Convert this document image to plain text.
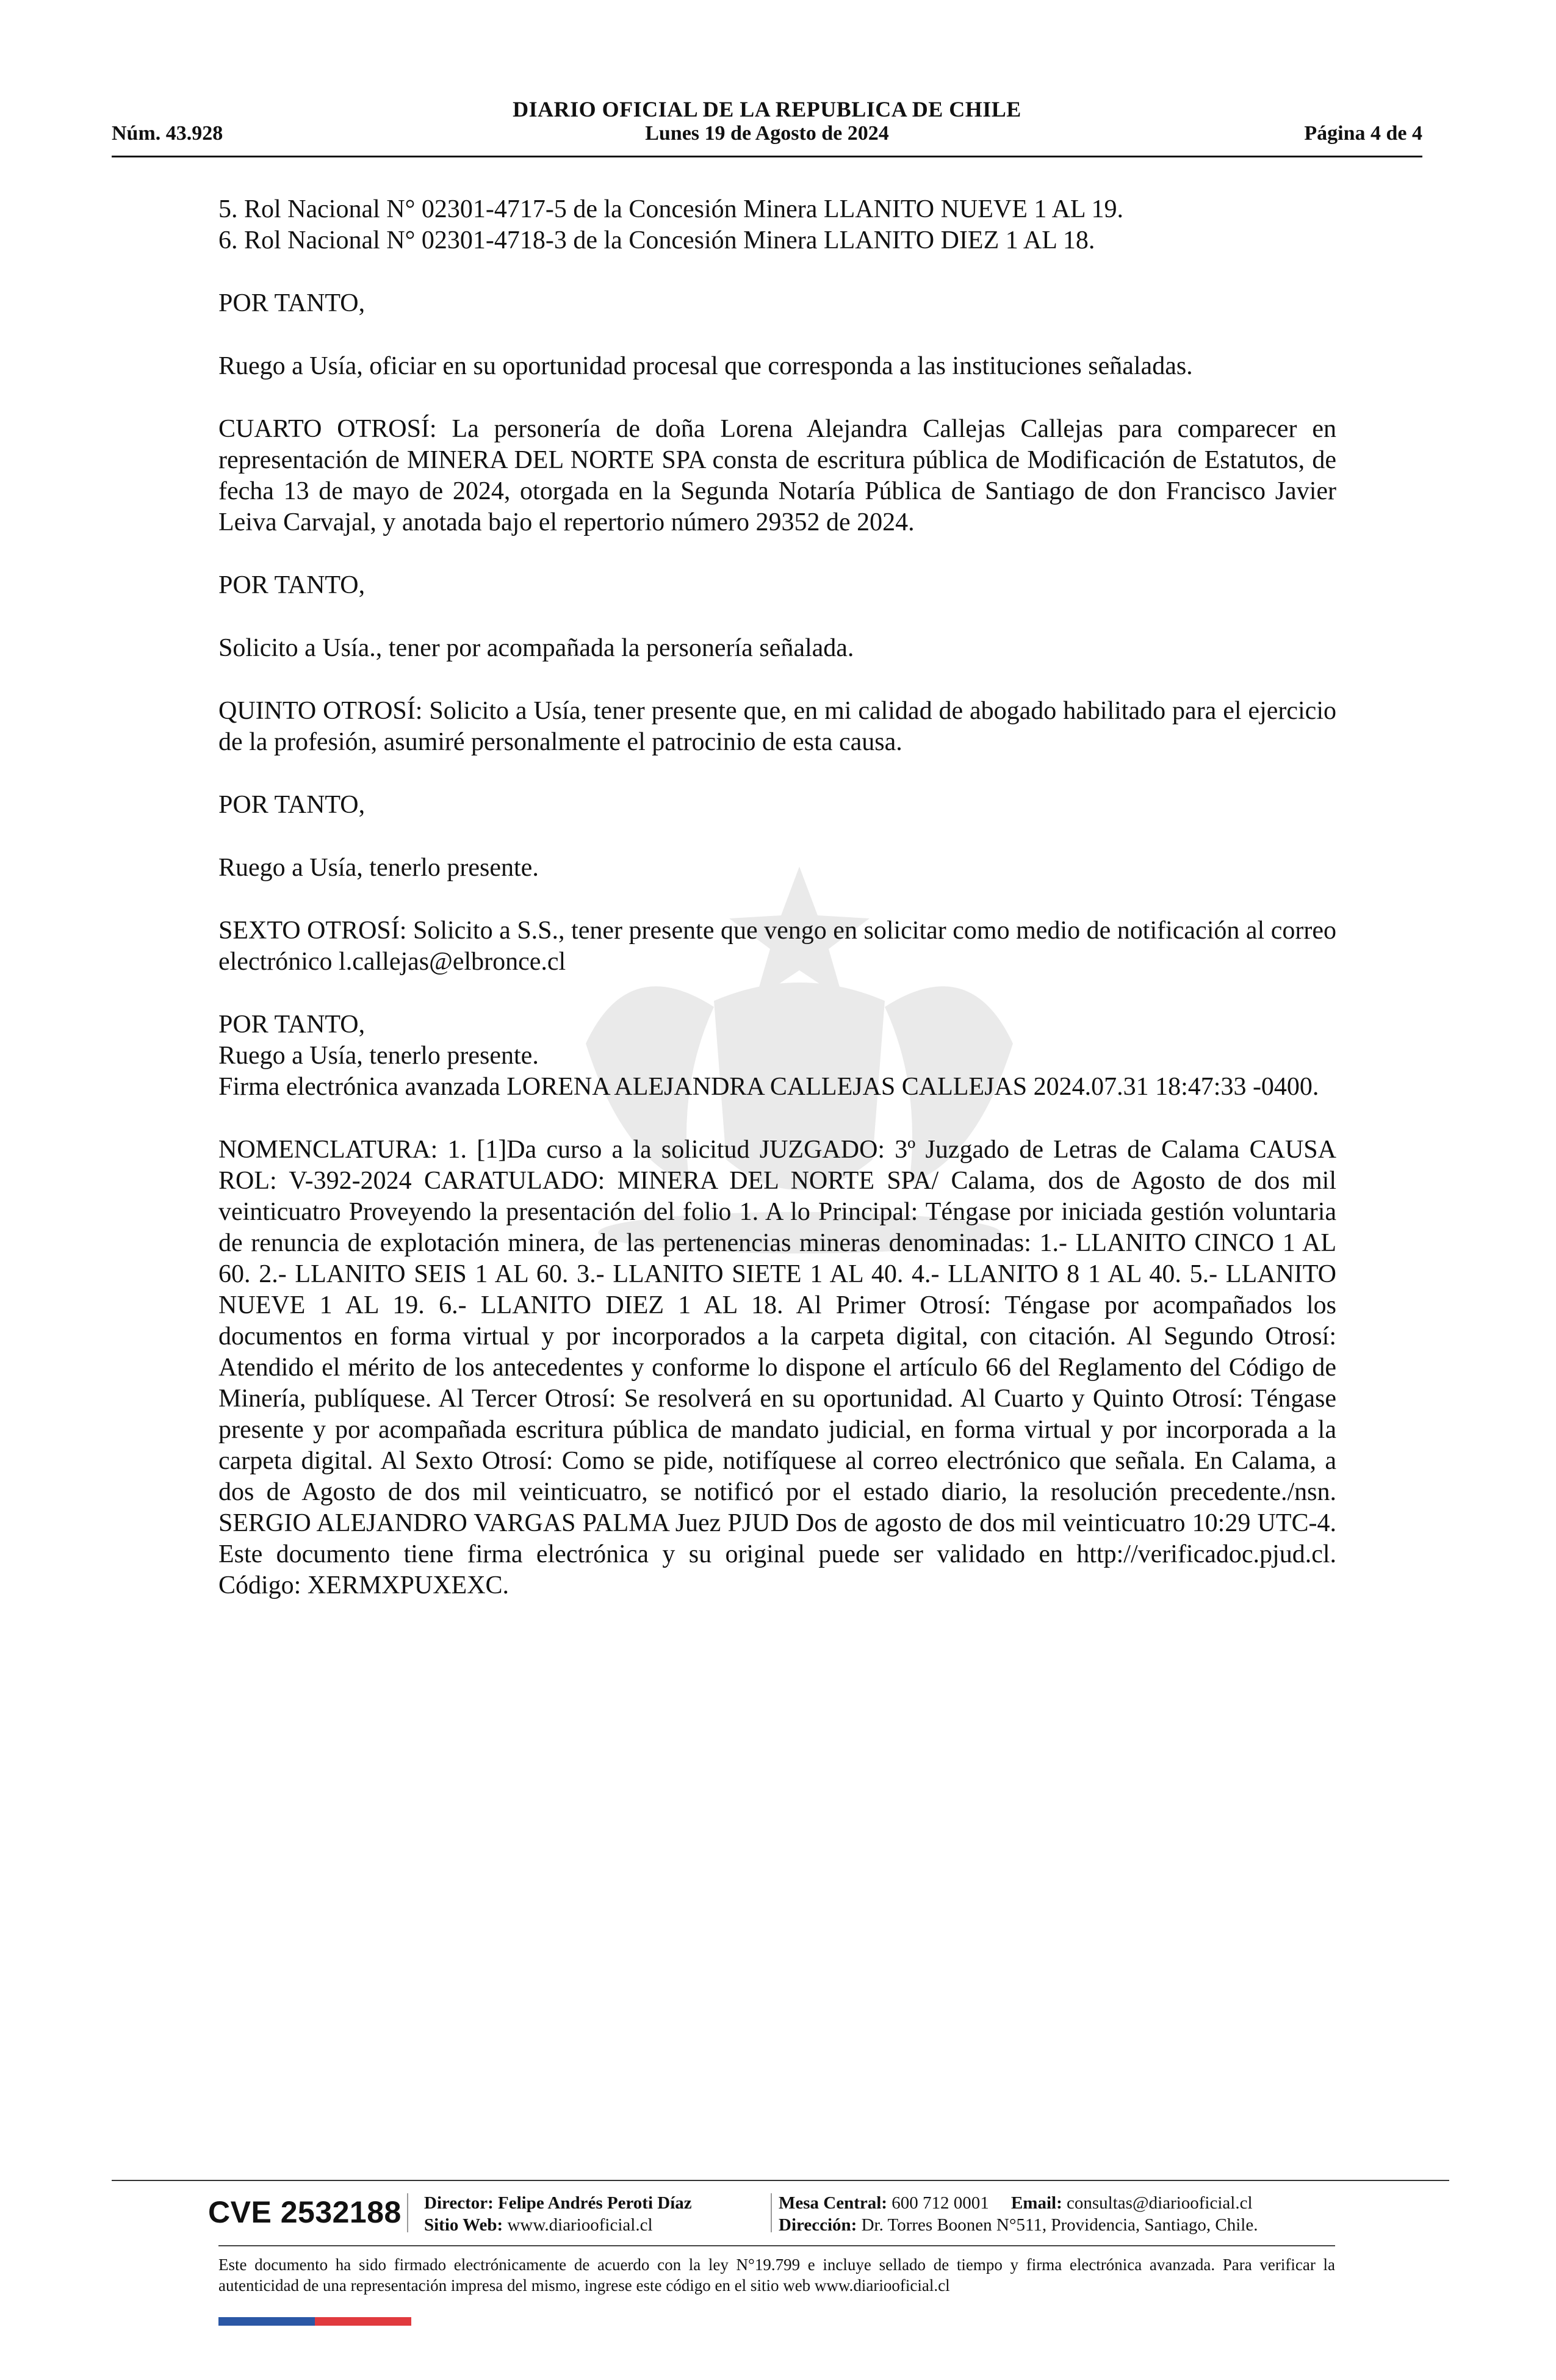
DIARIO OFICIAL DE LA REPUBLICA DE CHILE
Núm. 43.928	Lunes 19 de Agosto de 2024	Página 4 de 4

5. Rol Nacional N° 02301-4717-5 de la Concesión Minera LLANITO NUEVE 1 AL 19.
6. Rol Nacional N° 02301-4718-3 de la Concesión Minera LLANITO DIEZ 1 AL 18.

POR TANTO,

Ruego a Usía, oficiar en su oportunidad procesal que corresponda a las instituciones señaladas.

CUARTO OTROSÍ: La personería de doña Lorena Alejandra Callejas Callejas para comparecer en representación de MINERA DEL NORTE SPA consta de escritura pública de Modificación de Estatutos, de fecha 13 de mayo de 2024, otorgada en la Segunda Notaría Pública de Santiago de don Francisco Javier Leiva Carvajal, y anotada bajo el repertorio número 29352 de 2024.

POR TANTO,

Solicito a Usía., tener por acompañada la personería señalada.

QUINTO OTROSÍ: Solicito a Usía, tener presente que, en mi calidad de abogado habilitado para el ejercicio de la profesión, asumiré personalmente el patrocinio de esta causa.

POR TANTO,

Ruego a Usía, tenerlo presente.

SEXTO OTROSÍ: Solicito a S.S., tener presente que vengo en solicitar como medio de notificación al correo electrónico l.callejas@elbronce.cl

POR TANTO,

Ruego a Usía, tenerlo presente.

Firma electrónica avanzada LORENA ALEJANDRA CALLEJAS CALLEJAS 2024.07.31 18:47:33 -0400.

NOMENCLATURA: 1. [1]Da curso a la solicitud JUZGADO: 3º Juzgado de Letras de Calama CAUSA ROL: V-392-2024 CARATULADO: MINERA DEL NORTE SPA/ Calama, dos de Agosto de dos mil veinticuatro Proveyendo la presentación del folio 1. A lo Principal: Téngase por iniciada gestión voluntaria de renuncia de explotación minera, de las pertenencias mineras denominadas: 1.- LLANITO CINCO 1 AL 60. 2.- LLANITO SEIS 1 AL 60. 3.- LLANITO SIETE 1 AL 40. 4.- LLANITO 8 1 AL 40. 5.- LLANITO NUEVE 1 AL 19. 6.- LLANITO DIEZ 1 AL 18. Al Primer Otrosí: Téngase por acompañados los documentos en forma virtual y por incorporados a la carpeta digital, con citación. Al Segundo Otrosí: Atendido el mérito de los antecedentes y conforme lo dispone el artículo 66 del Reglamento del Código de Minería, publíquese. Al Tercer Otrosí: Se resolverá en su oportunidad. Al Cuarto y Quinto Otrosí: Téngase presente y por acompañada escritura pública de mandato judicial, en forma virtual y por incorporada a la carpeta digital. Al Sexto Otrosí: Como se pide, notifíquese al correo electrónico que señala. En Calama, a dos de Agosto de dos mil veinticuatro, se notificó por el estado diario, la resolución precedente./nsn. SERGIO ALEJANDRO VARGAS PALMA Juez PJUD Dos de agosto de dos mil veinticuatro 10:29 UTC-4. Este documento tiene firma electrónica y su original puede ser validado en http://verificadoc.pjud.cl. Código: XERMXPUXEXC.

CVE 2532188 Director: Felipe Andrés Peroti Díaz
Sitio Web: www.diariooficial.cl
Mesa Central: 600 712 0001 Email: consultas@diariooficial.cl
Dirección: Dr. Torres Boonen N°511, Providencia, Santiago, Chile.
Este documento ha sido firmado electrónicamente de acuerdo con la ley N°19.799 e incluye sellado de tiempo y firma electrónica avanzada. Para verificar la autenticidad de una representación impresa del mismo, ingrese este código en el sitio web www.diariooficial.cl
